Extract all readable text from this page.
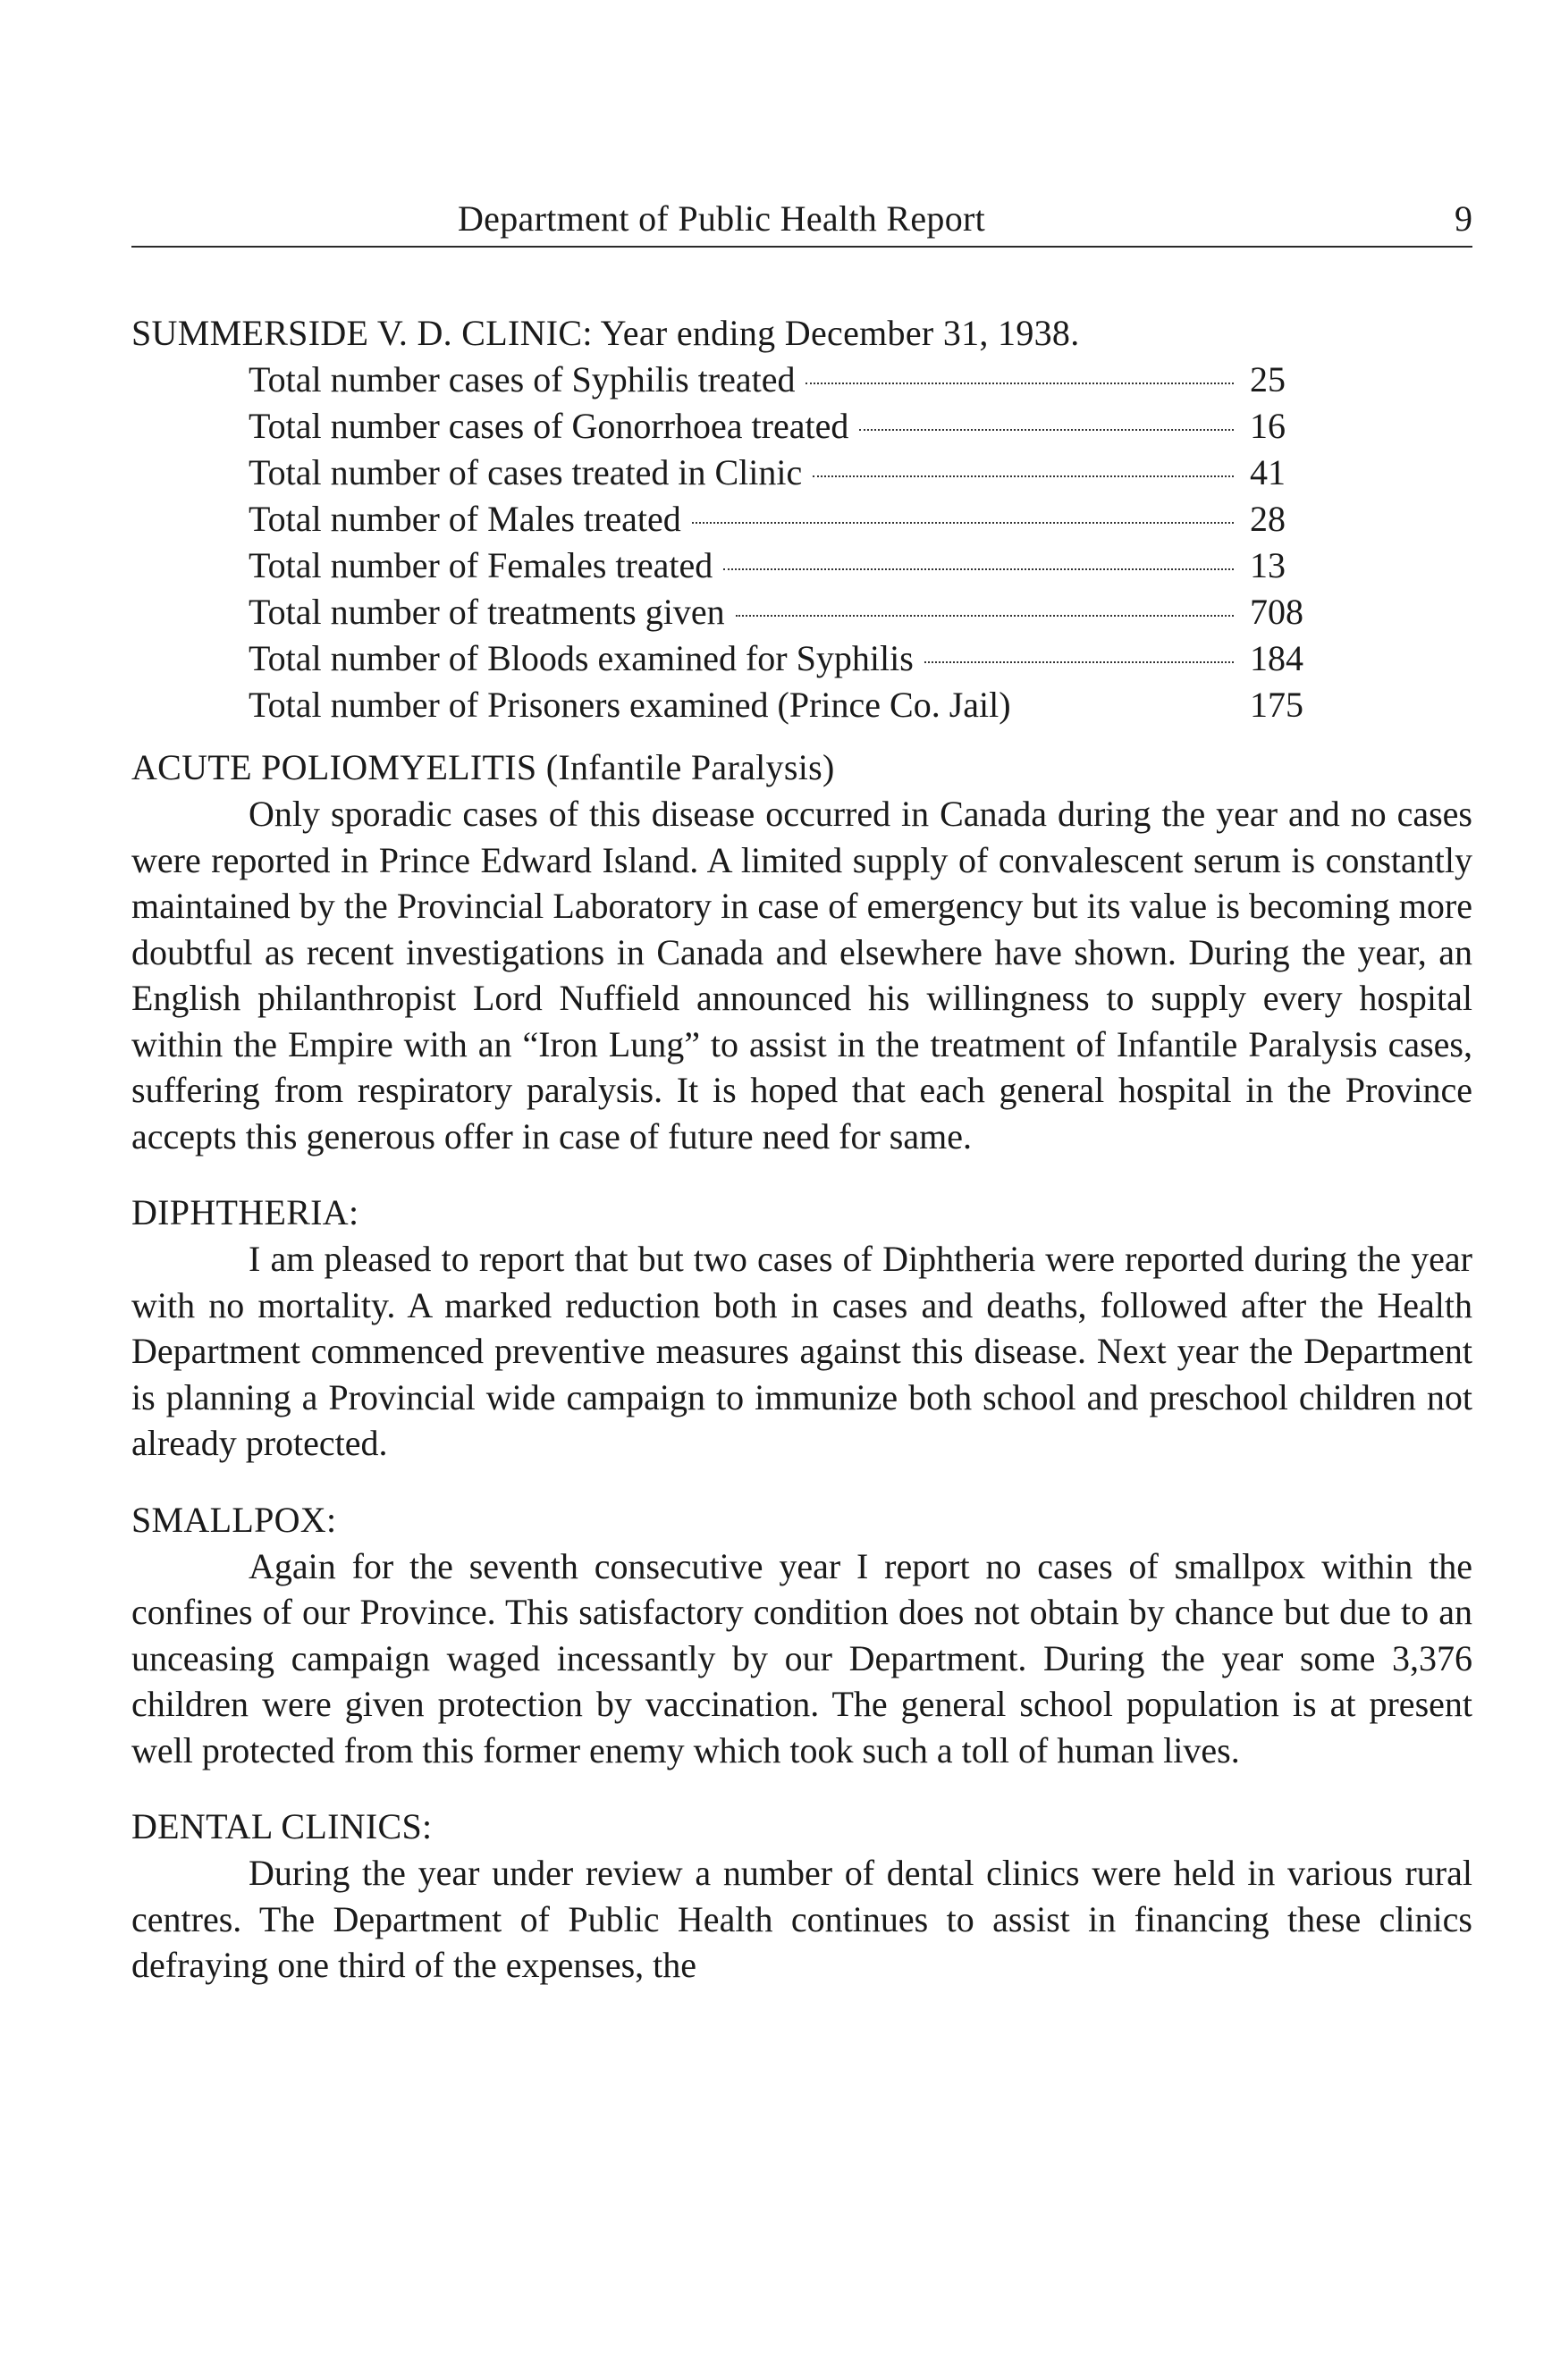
Department of Public Health Report	9
SUMMERSIDE V. D. CLINIC: Year ending December 31, 1938.
Total number cases of Syphilis treated	25
Total number cases of Gonorrhoea treated	16
Total number of cases treated in Clinic	41
Total number of Males treated	28
Total number of Females treated	13
Total number of treatments given	708
Total number of Bloods examined for Syphilis	184
Total number of Prisoners examined (Prince Co. Jail)	175
ACUTE POLIOMYELITIS (Infantile Paralysis)

Only sporadic cases of this disease occurred in Canada during the year and no cases were reported in Prince Edward Island. A limited supply of convalescent serum is constantly maintained by the Provincial Laboratory in case of emergency but its value is becoming more doubtful as recent investigations in Canada and elsewhere have shown. During the year, an English philanthropist Lord Nuffield announced his willingness to supply every hospital within the Empire with an “Iron Lung” to assist in the treatment of Infantile Paralysis cases, suffering from respiratory paralysis. It is hoped that each general hospital in the Province accepts this generous offer in case of future need for same.

DIPHTHERIA:

I am pleased to report that but two cases of Diphtheria were reported during the year with no mortality. A marked reduction both in cases and deaths, followed after the Health Department commenced preventive measures against this disease. Next year the Department is planning a Provincial wide campaign to immunize both school and preschool children not already protected.

SMALLPOX:

Again for the seventh consecutive year I report no cases of smallpox within the confines of our Province. This satisfactory condition does not obtain by chance but due to an unceasing campaign waged incessantly by our Department. During the year some 3,376 children were given protection by vaccination. The general school population is at present well protected from this former enemy which took such a toll of human lives.

DENTAL CLINICS:

During the year under review a number of dental clinics were held in various rural centres. The Department of Public Health continues to assist in financing these clinics defraying one third of the expenses, the
